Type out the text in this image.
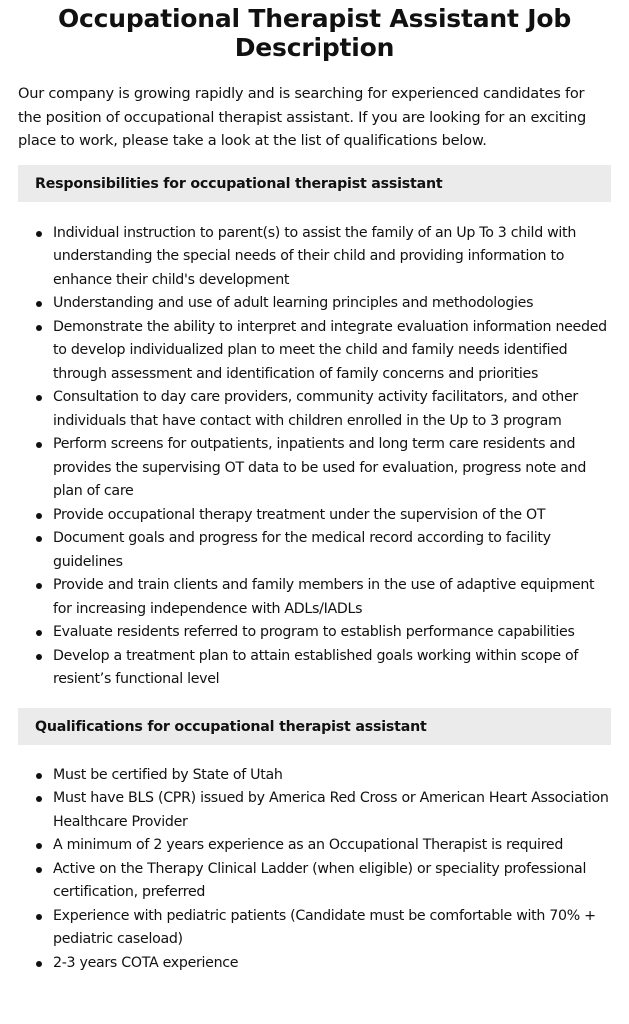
Occupational Therapist Assistant Job Description

Our company is growing rapidly and is searching for experienced candidates for the position of occupational therapist assistant. If you are looking for an exciting place to work, please take a look at the list of qualifications below.

Responsibilities for occupational therapist assistant
Individual instruction to parent(s) to assist the family of an Up To 3 child with understanding the special needs of their child and providing information to enhance their child's development
Understanding and use of adult learning principles and methodologies
Demonstrate the ability to interpret and integrate evaluation information needed to develop individualized plan to meet the child and family needs identified through assessment and identification of family concerns and priorities
Consultation to day care providers, community activity facilitators, and other individuals that have contact with children enrolled in the Up to 3 program
Perform screens for outpatients, inpatients and long term care residents and provides the supervising OT data to be used for evaluation, progress note and plan of care
Provide occupational therapy treatment under the supervision of the OT
Document goals and progress for the medical record according to facility guidelines
Provide and train clients and family members in the use of adaptive equipment for increasing independence with ADLs/IADLs
Evaluate residents referred to program to establish performance capabilities
Develop a treatment plan to attain established goals working within scope of resient’s functional level
Qualifications for occupational therapist assistant
Must be certified by State of Utah
Must have BLS (CPR) issued by America Red Cross or American Heart Association Healthcare Provider
A minimum of 2 years experience as an Occupational Therapist is required
Active on the Therapy Clinical Ladder (when eligible) or speciality professional certification, preferred
Experience with pediatric patients (Candidate must be comfortable with 70% + pediatric caseload)
2-3 years COTA experience
